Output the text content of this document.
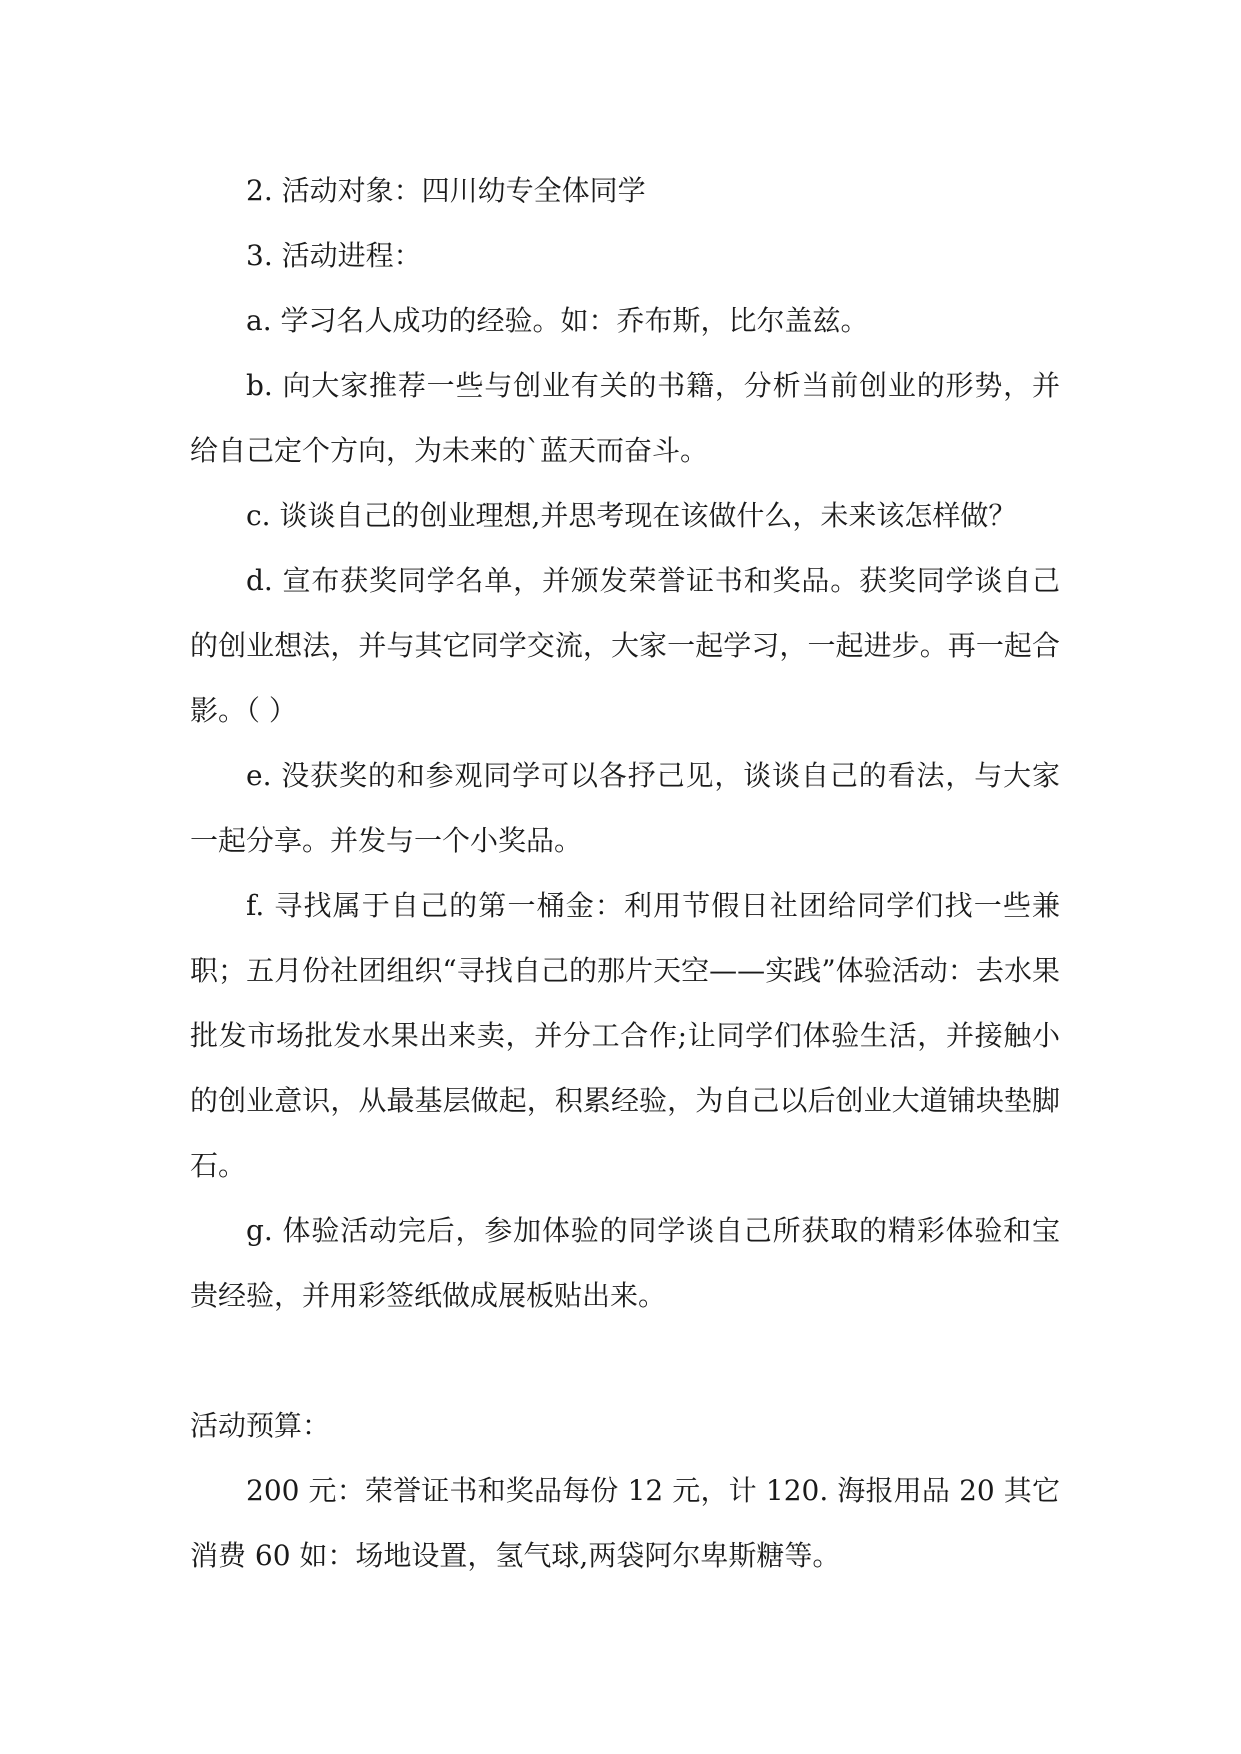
2. 活动对象：四川幼专全体同学

3. 活动进程：

a. 学习名人成功的经验。如：乔布斯，比尔盖兹。

b. 向大家推荐一些与创业有关的书籍，分析当前创业的形势，并给自己定个方向，为未来的`蓝天而奋斗。

c. 谈谈自己的创业理想,并思考现在该做什么，未来该怎样做？

d. 宣布获奖同学名单，并颁发荣誉证书和奖品。获奖同学谈自己的创业想法，并与其它同学交流，大家一起学习，一起进步。再一起合影。（ ）

e. 没获奖的和参观同学可以各抒己见，谈谈自己的看法，与大家一起分享。并发与一个小奖品。

f. 寻找属于自己的第一桶金：利用节假日社团给同学们找一些兼职；五月份社团组织“寻找自己的那片天空——实践”体验活动：去水果批发市场批发水果出来卖，并分工合作;让同学们体验生活，并接触小的创业意识，从最基层做起，积累经验，为自己以后创业大道铺块垫脚石。

g. 体验活动完后，参加体验的同学谈自己所获取的精彩体验和宝贵经验，并用彩签纸做成展板贴出来。

活动预算：

200 元：荣誉证书和奖品每份 12 元，计 120. 海报用品 20 其它消费 60 如：场地设置，氢气球,两袋阿尔卑斯糖等。
